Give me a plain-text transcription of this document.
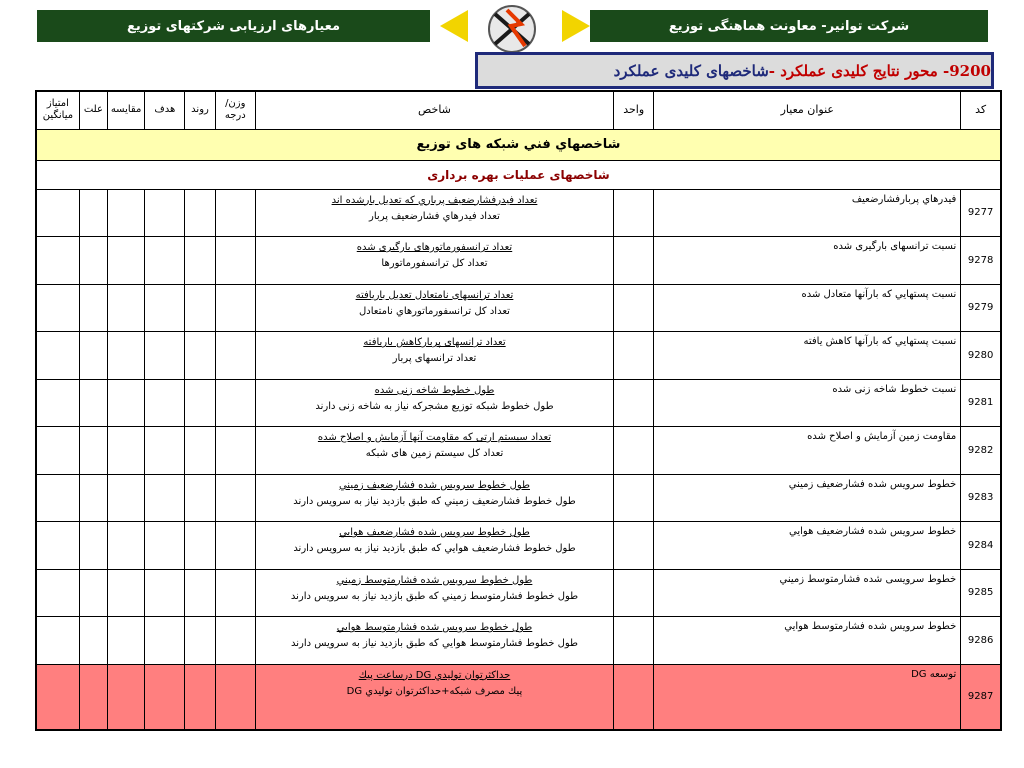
معیارهای ارزیابی شرکتهای توزیع	شرکت توانیر- معاونت هماهنگی توزیع
9200- محور نتایج کلیدی عملکرد -
شاخصهای کلیدی عملکرد
کد	عنوان معیار	واحد	شاخص	وزن/ درجه	روند	هدف	مقایسه	علت	امتیاز میانگین
شاخصهاي فني شبكه های توزیع									
شاخصهای عملیات بهره برداری									
9277	فيدرهاي پربارفشارضعيف		تعداد فيدرفشارضعيف پرباري كه تعديل بارشده اند
تعداد فيدرهاي فشارضعيف پربار						

9278	نسبت ترانسهای بارگیری شده		تعداد ترانسفورماتورهای بارگیری شده
تعداد کل ترانسفورماتورها						

9279	نسبت پستهایي که بارآنها متعادل شده		تعداد ترانسهای نامتعادل تعدیل باریافته
تعداد كل ترانسفورماتورهاي نامتعادل						

9280	نسبت پستهایي كه بارآنها كاهش يافته		تعداد ترانسهای پربارکاهش باریافته
تعداد ترانسهای پربار						

9281	نسبت خطوط شاخه زنی شده		طول خطوط شاخه زنی شده
طول خطوط شبکه توزیع مشجرکه نیاز به شاخه زنی دارند						

9282	مقاومت زمین آزمایش و اصلاح شده		تعداد سیستم ارتی که مقاومت آنها آزمایش و اصلاح شده
تعداد کل سیستم زمین های شبکه						

9283	خطوط سرويس شده فشارضعيف زميني		طول خطوط سرويس شده فشارضعيف زميني
طول خطوط فشارضعيف زميني كه طبق بازديد نياز به سرويس دارند						

9284	خطوط سرويس شده فشارضعيف هوايي		طول خطوط سرويس شده فشارضعيف هوايي
طول خطوط فشارضعيف هوايي كه طبق بازديد نياز به سرويس دارند						

9285	خطوط سرویسی شده فشارمتوسط زميني		طول خطوط سرويس شده فشارمتوسط زميني
طول خطوط فشارمتوسط زميني كه طبق بازديد نياز به سرويس دارند						

9286	خطوط سرويس شده فشارمتوسط هوايي		طول خطوط سرويس شده فشارمتوسط هوايي
طول خطوط فشارمتوسط هوايي كه طبق بازديد نياز به سرويس دارند						

9287	توسعه DG		حداكثرتوان توليدي DG درساعت پيك
پيك مصرف شبكه+حداكثرتوان توليدي DG						
